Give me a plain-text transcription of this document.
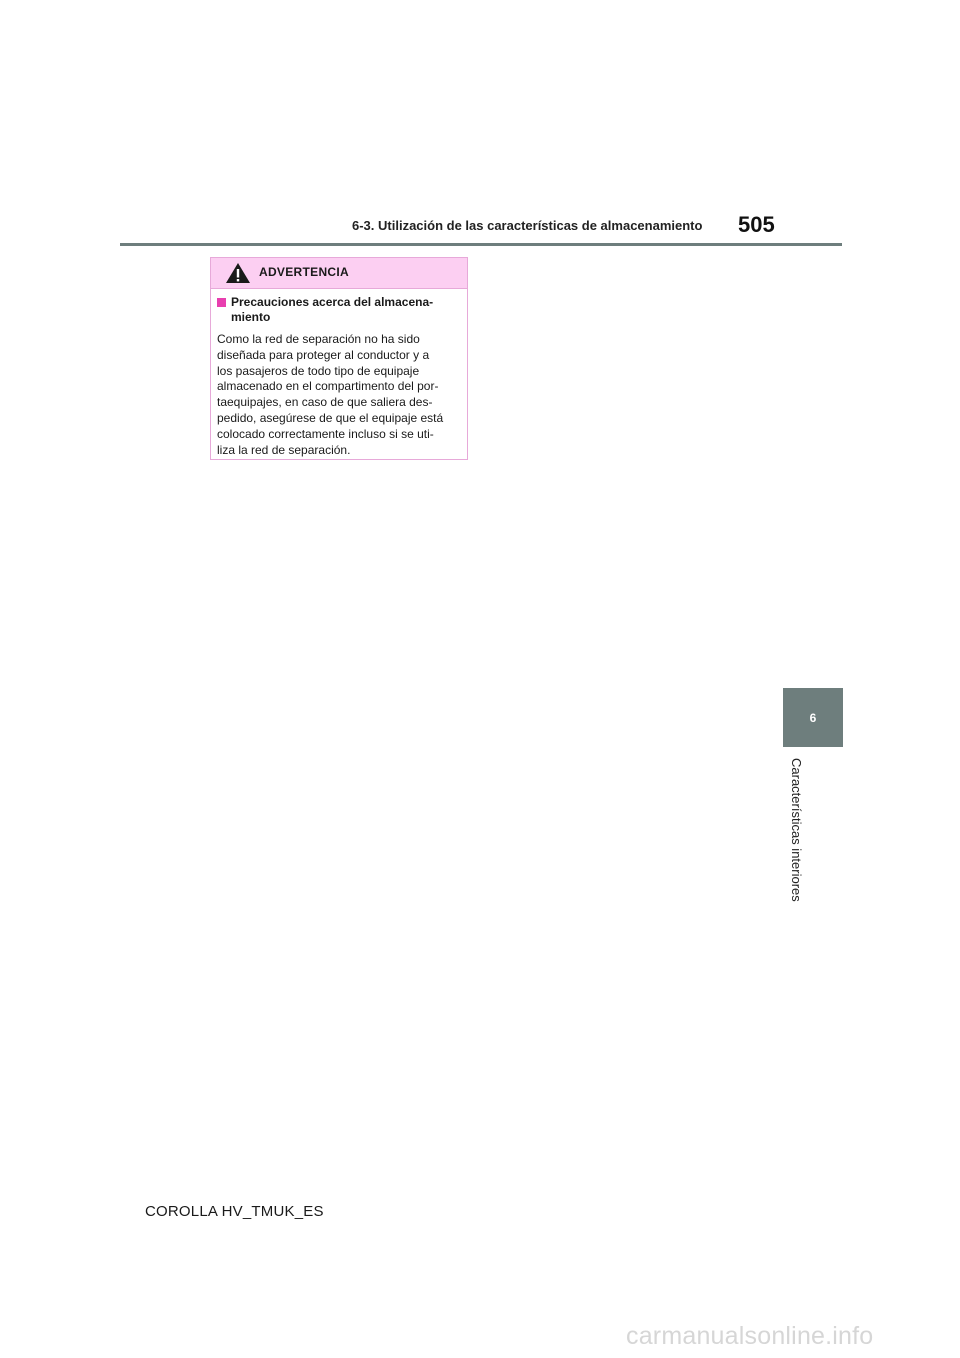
6-3. Utilización de las características de almacenamiento 505
ADVERTENCIA
Precauciones acerca del almacena-
miento
Como la red de separación no ha sido
diseñada para proteger al conductor y a
los pasajeros de todo tipo de equipaje
almacenado en el compartimento del por-
taequipajes, en caso de que saliera des-
pedido, asegúrese de que el equipaje está
colocado correctamente incluso si se uti-
liza la red de separación.
6
Características interiores
COROLLA HV_TMUK_ES
carmanualsonline.info
